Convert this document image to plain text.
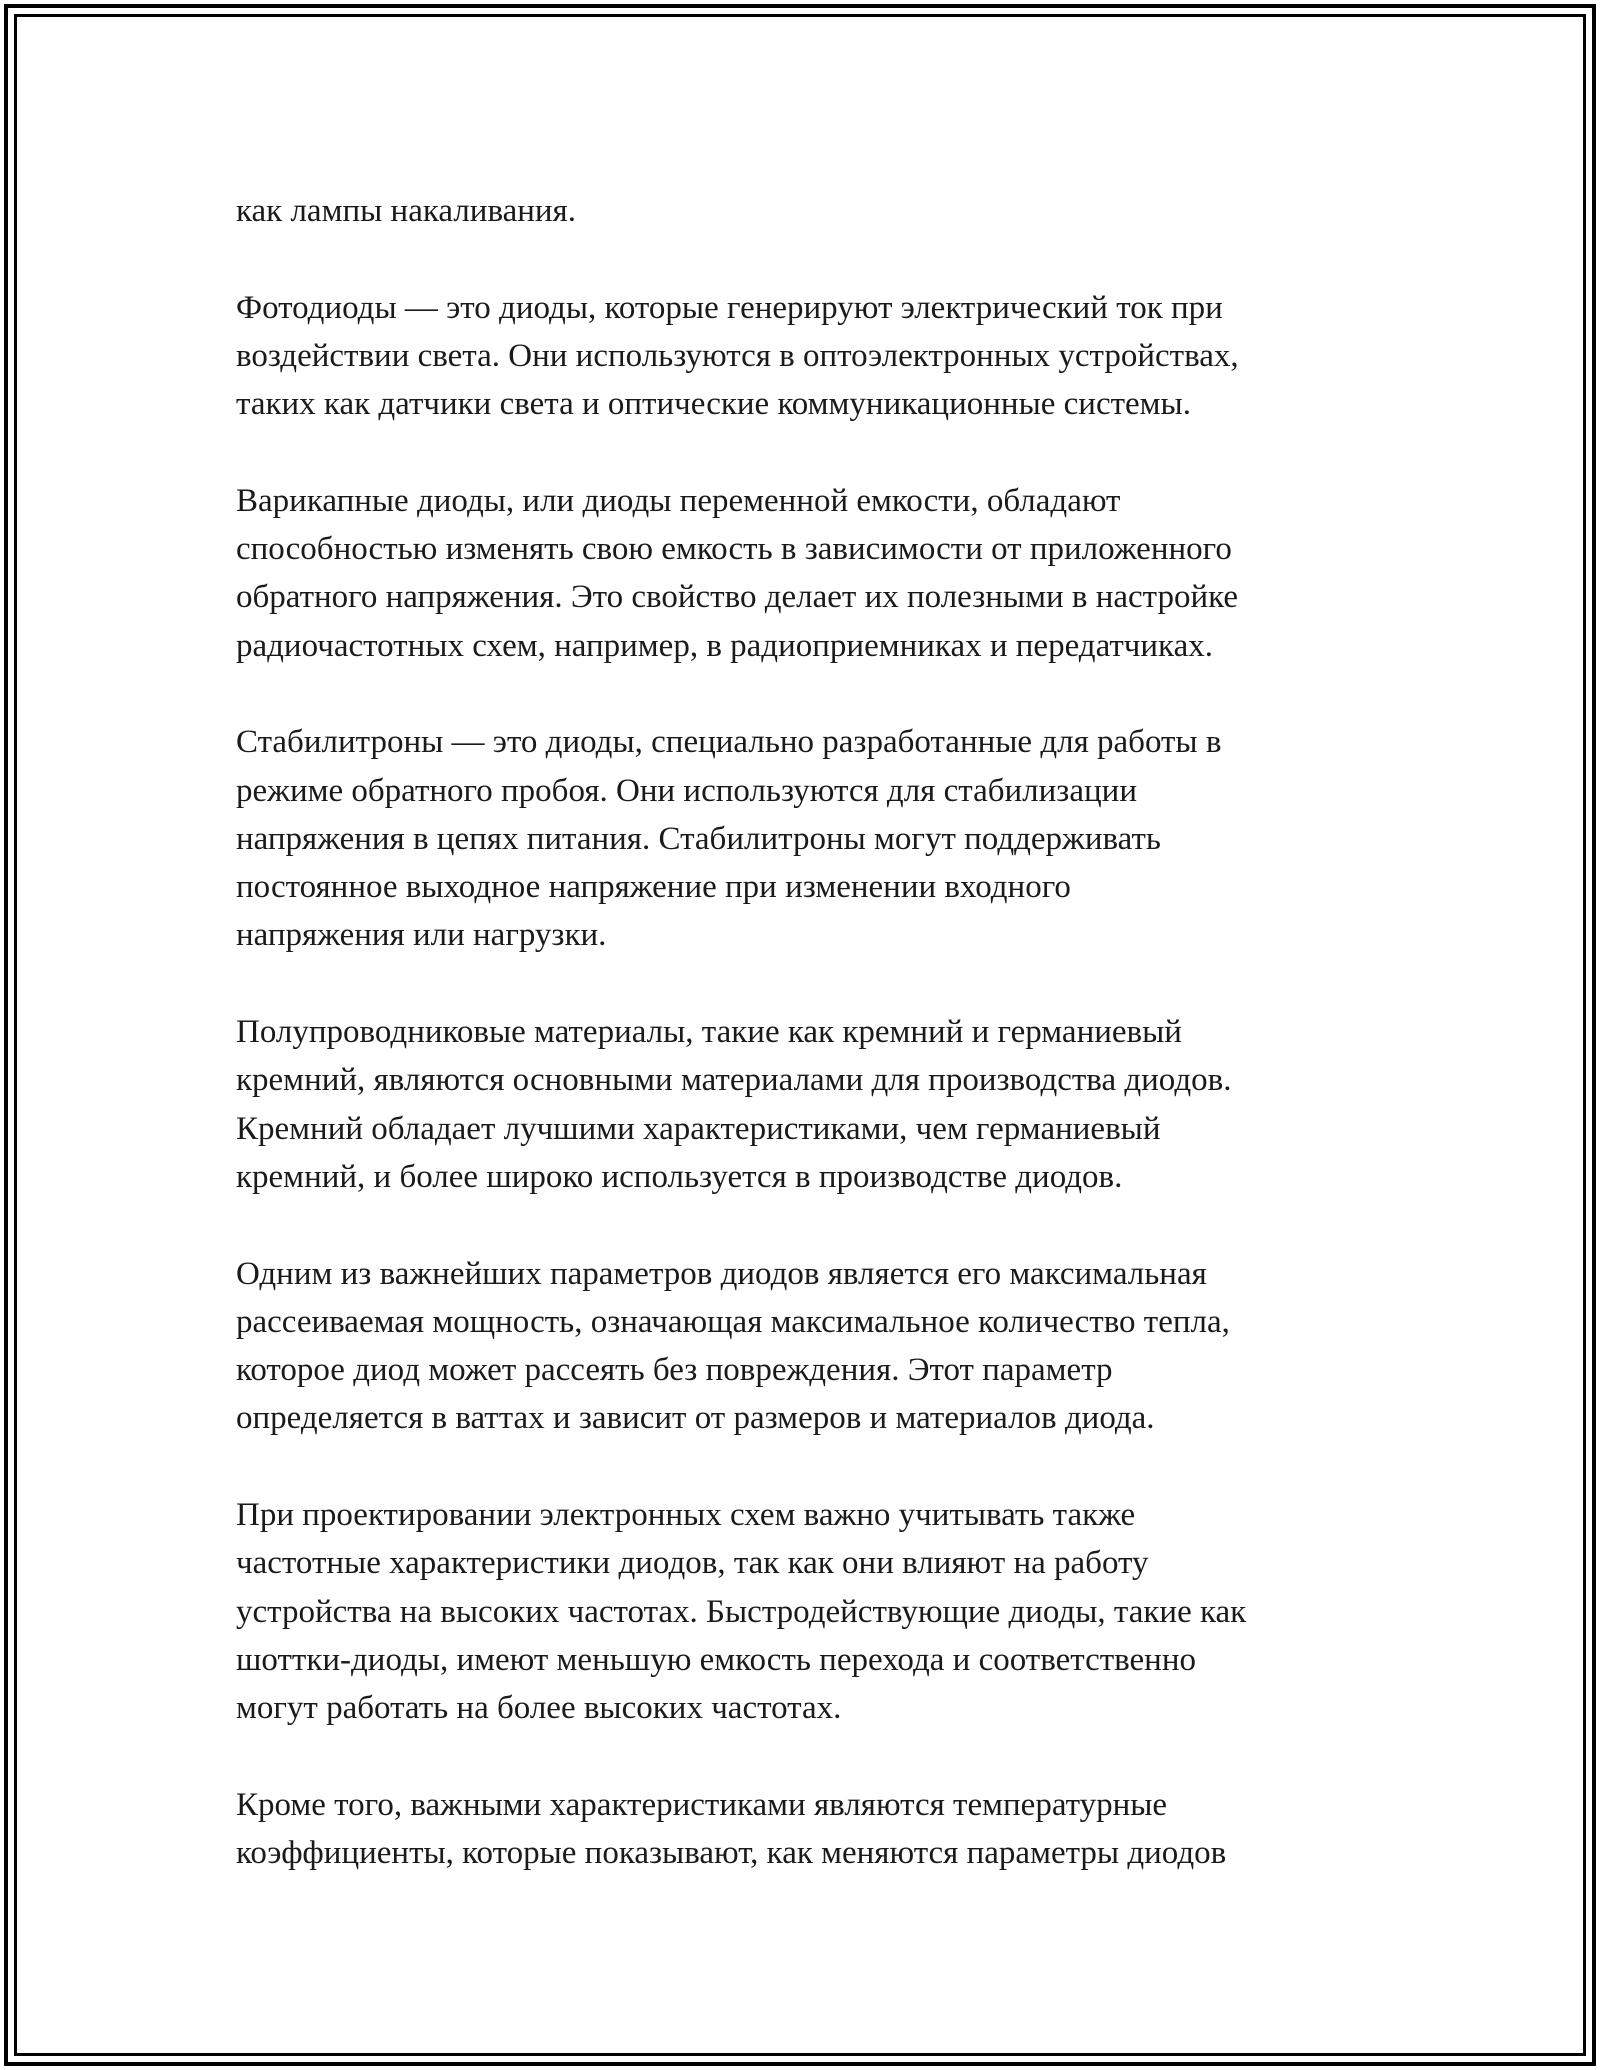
как лампы накаливания.

Фотодиоды — это диоды, которые генерируют электрический ток при
воздействии света. Они используются в оптоэлектронных устройствах,
таких как датчики света и оптические коммуникационные системы.

Варикапные диоды, или диоды переменной емкости, обладают
способностью изменять свою емкость в зависимости от приложенного
обратного напряжения. Это свойство делает их полезными в настройке
радиочастотных схем, например, в радиоприемниках и передатчиках.

Стабилитроны — это диоды, специально разработанные для работы в
режиме обратного пробоя. Они используются для стабилизации
напряжения в цепях питания. Стабилитроны могут поддерживать
постоянное выходное напряжение при изменении входного
напряжения или нагрузки.

Полупроводниковые материалы, такие как кремний и германиевый
кремний, являются основными материалами для производства диодов.
Кремний обладает лучшими характеристиками, чем германиевый
кремний, и более широко используется в производстве диодов.

Одним из важнейших параметров диодов является его максимальная
рассеиваемая мощность, означающая максимальное количество тепла,
которое диод может рассеять без повреждения. Этот параметр
определяется в ваттах и зависит от размеров и материалов диода.

При проектировании электронных схем важно учитывать также
частотные характеристики диодов, так как они влияют на работу
устройства на высоких частотах. Быстродействующие диоды, такие как
шоттки-диоды, имеют меньшую емкость перехода и соответственно
могут работать на более высоких частотах.

Кроме того, важными характеристиками являются температурные
коэффициенты, которые показывают, как меняются параметры диодов
